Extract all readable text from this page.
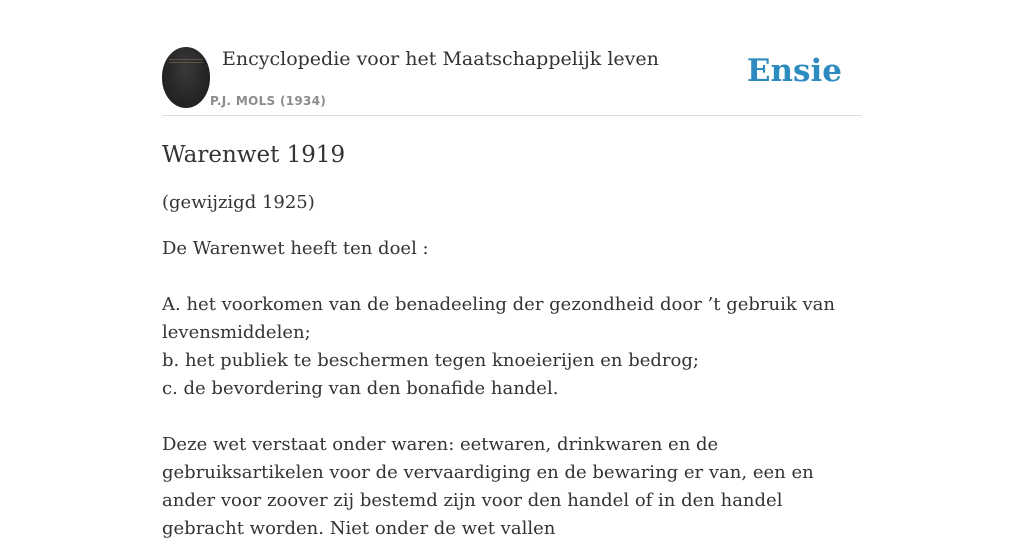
Encyclopedie voor het Maatschappelijk leven
P.J. MOLS (1934)
Ensie
Warenwet 1919

(gewijzigd 1925)

De Warenwet heeft ten doel :

A. het voorkomen van de benadeeling der gezondheid door ’t gebruik van levensmiddelen;

b. het publiek te beschermen tegen knoeierijen en bedrog;

c. de bevordering van den bonafide handel.

Deze wet verstaat onder waren: eetwaren, drinkwaren en de gebruiksartikelen voor de vervaardiging en de bewaring er van, een en ander voor zoover zij bestemd zijn voor den handel of in den handel gebracht worden. Niet onder de wet vallen
